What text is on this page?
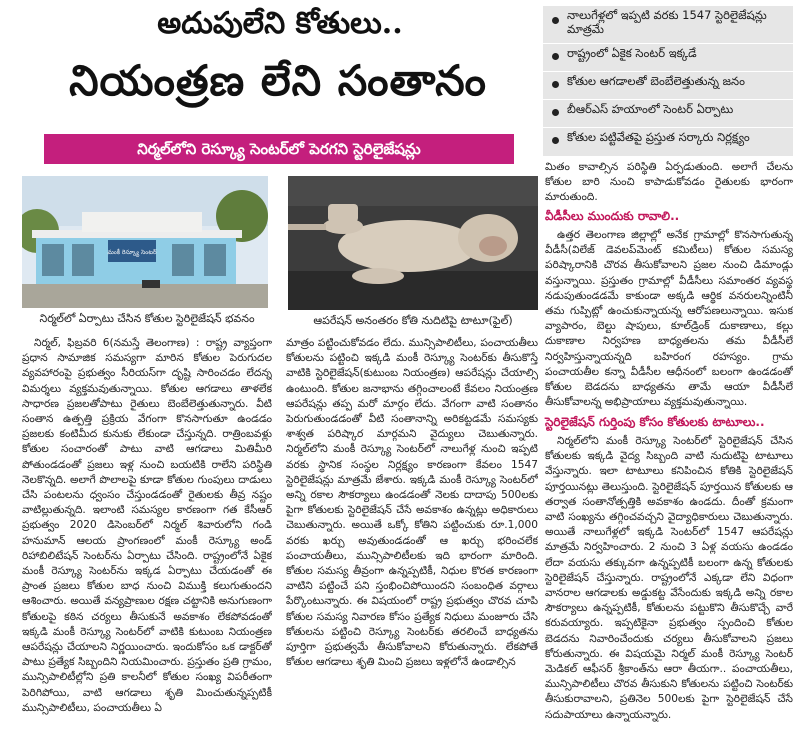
అదుపులేని కోతులు..
నియంత్రణ లేని సంతానం
నిర్మల్‌లోని రెస్క్యూ సెంటర్‌లో పెరగని స్టెరిలైజేషన్లు
నాలుగేళ్లలో ఇప్పటి వరకు 1547 స్టెరిలైజేషన్లు మాత్రమే
రాష్ట్రంలో ఏకైక సెంటర్ ఇక్కడే
కోతుల ఆగడాలతో బెంబేలెత్తుతున్న జనం
బీఆర్ఎస్ హయాంలో సెంటర్ ఏర్పాటు
కోతుల పట్టివేతపై ప్రస్తుత సర్కారు నిర్లక్ష్యం
మంకీ రెస్క్యూ సెంటర్
నిర్మల్‌లో ఏర్పాటు చేసిన కోతుల స్టెరిలైజేషన్ భవనం	ఆపరేషన్ అనంతరం కోతి నుదిటిపై టాటూ(ఫైల్)

నిర్మల్, ఫిబ్రవరి 6(నమస్తే తెలంగాణ) : రాష్ట్ర వ్యాప్తంగా ప్రధాన సామాజిక సమస్యగా మారిన కోతుల పెరుగుదల వ్యవహారంపై ప్రభుత్వం సీరియస్‌గా దృష్టి సారించడం లేదన్న విమర్శలు వ్యక్తమవుతున్నాయి. కోతుల ఆగడాలు తాళలేక సాధారణ ప్రజలతోపాటు రైతులు బెంబేలెత్తుతున్నారు. వీటి సంతాన ఉత్పత్తి ప్రక్రియ వేగంగా కొనసాగుతూ ఉండడం ప్రజలకు కంటిమీద కునుకు లేకుండా చేస్తున్నది. రాత్రింబవళ్లు కోతుల సంచారంతో పాటు వాటి ఆగడాలు మితిమీరి పోతుండడంతో ప్రజలు ఇళ్ల నుంచి బయటికి రాలేని పరిస్థితి నెలకొన్నది. అలాగే పొలాలపై కూడా కోతుల గుంపులు దాడులు చేసి పంటలను ధ్వంసం చేస్తుండడంతో రైతులకు తీవ్ర నష్టం వాటిల్లుతున్నది. ఇలాంటి సమస్యల కారణంగా గత కేసీఆర్ ప్రభుత్వం 2020 డిసెంబర్‌లో నిర్మల్ శివారులోని గండి హనుమాన్ ఆలయ ప్రాంగణంలో మంకీ రెస్క్యూ అండ్ రిహాబిలిటేషన్ సెంటర్‌ను ఏర్పాటు చేసింది. రాష్ట్రంలోనే ఏకైక మంకీ రెస్క్యూ సెంటర్‌ను ఇక్కడ ఏర్పాటు చేయడంతో ఈ ప్రాంత ప్రజలు కోతుల బాధ నుంచి విముక్తి కలుగుతుందని ఆశించారు. అయితే వన్యప్రాణుల రక్షణ చట్టానికి అనుగుణంగా కోతులపై కఠిన చర్యలు తీసుకునే అవకాశం లేకపోవడంతో ఇక్కడి మంకీ రెస్క్యూ సెంటర్‌లో వాటికి కుటుంబ నియంత్రణ ఆపరేషన్లు చేయాలని నిర్ణయించారు. ఇందుకోసం ఒక డాక్టర్‌తో పాటు ప్రత్యేక సిబ్బందిని నియమించారు. ప్రస్తుతం ప్రతి గ్రామం, మున్సిపాలిటీల్లోని ప్రతి కాలనీలో కోతుల సంఖ్య విపరీతంగా పెరిగిపోయి, వాటి ఆగడాలు శృతి మించుతున్నప్పటికీ మున్సిపాలిటీలు, పంచాయతీలు ఏ

మాత్రం పట్టించుకోవడం లేదు. మున్సిపాలిటీలు, పంచాయతీలు కోతులను పట్టించి ఇక్కడి మంకీ రెస్క్యూ సెంటర్‌కు తీసుకొస్తే వాటికి స్టెరిలైజేషన్(కుటుంబ నియంత్రణ) ఆపరేషన్లు చేయాల్సి ఉంటుంది. కోతుల జనాభాను తగ్గించాలంటే కేవలం నియంత్రణ ఆపరేషన్లు తప్ప మరో మార్గం లేదు. వేగంగా వాటి సంతానం పెరుగుతుండడంతో వీటి సంతానాన్ని అరికట్టడమే సమస్యకు శాశ్వత పరిష్కార మార్గమని వైద్యులు చెబుతున్నారు. నిర్మల్‌లోని మంకీ రెస్క్యూ సెంటర్‌లో నాలుగేళ్ల నుంచి ఇప్పటి వరకు స్థానిక సంస్థల నిర్లక్ష్యం కారణంగా కేవలం 1547 స్టెరిలైజేషన్లు మాత్రమే జేశారు. ఇక్కడి మంకీ రెస్క్యూ సెంటర్‌లో అన్ని రకాల సౌకర్యాలు ఉండడంతో నెలకు దాదాపు 500లకు పైగా కోతులకు స్టెరిలైజేషన్ చేసే అవకాశం ఉన్నట్లు అధికారులు చెబుతున్నారు. అయితే ఒక్కో కోతిని పట్టించుకు రూ.1,000 వరకు ఖర్చు అవుతుండడంతో ఆ ఖర్చు భరించలేక పంచాయతీలు, మున్సిపాలిటీలకు ఇది భారంగా మారింది. కోతుల సమస్య తీవ్రంగా ఉన్నప్పటికీ, నిధుల కొరత కారణంగా వాటిని పట్టించే పని స్తంభించిపోయిందని సంబంధిత వర్గాలు పేర్కొంటున్నారు. ఈ విషయంలో రాష్ట్ర ప్రభుత్వం చొరవ చూపి కోతుల సమస్య నివారణ కోసం ప్రత్యేక నిధులు మంజూరు చేసి కోతులను పట్టించి రెస్క్యూ సెంటర్‌కు తరలించే బాధ్యతను పూర్తిగా ప్రభుత్వమే తీసుకోవాలని కోరుతున్నారు. లేకపోతే కోతుల ఆగడాలు శృతి మించి ప్రజలు ఇళ్లలోనే ఉండాల్సిన

మితం కావాల్సిన పరిస్థితి ఏర్పడుతుంది. అలాగే చేలను కోతుల బారి నుంచి కాపాడుకోవడం రైతులకు భారంగా మారుతుంది.

వీడీసీలు ముందుకు రావాలి..

ఉత్తర తెలంగాణ జిల్లాల్లో అనేక గ్రామాల్లో కొనసాగుతున్న వీడీసీ(విలేజ్ డెవలప్‌మెంట్ కమిటీలు) కోతుల సమస్య పరిష్కారానికి చొరవ తీసుకోవాలని ప్రజల నుంచి డిమాండ్లు వస్తున్నాయి. ప్రస్తుతం గ్రామాల్లో వీడీసీలు సమాంతర వ్యవస్థ నడుపుతుండడమే కాకుండా అక్కడి ఆర్థిక వనరులన్నింటినీ తమ గుప్పిట్లో ఉంచుకున్నాయన్న ఆరోపణలున్నాయి. ఇసుక వ్యాపారం, బెల్టు షాపులు, కూల్‌డ్రింక్ దుకాణాలు, కల్లు దుకాణాల నిర్వహణ బాధ్యతలను తమ వీడీసీలే నిర్వహిస్తున్నాయన్నది బహిరంగ రహస్యం. గ్రామ పంచాయతీల కన్నా వీడీసీల ఆధీనంలో బలంగా ఉండడంతో కోతుల బెడదను బాధ్యతను తామే ఆయా వీడీసీలే తీసుకోవాలన్న అభిప్రాయాలు వ్యక్తమవుతున్నాయి.

స్టెరిలైజేషన్ గుర్తింపు కోసం కోతులకు టాటూలు..

నిర్మల్‌లోని మంకీ రెస్క్యూ సెంటర్‌లో స్టెరిలైజేషన్ చేసిన కోతులకు ఇక్కడి వైద్య సిబ్బంది వాటి నుదుటిపై టాటూలు వేస్తున్నారు. ఇలా టాటూలు కనిపించిన కోతికి స్టెరిలైజేషన్ పూర్తయినట్లు తెలుస్తుంది. స్టెరిలైజేషన్ పూర్తయిన కోతులకు ఆ తర్వాత సంతానోత్పత్తికి అవకాశం ఉండదు. దీంతో క్రమంగా వాటి సంఖ్యను తగ్గించవచ్చని వైద్యాధికారులు చెబుతున్నారు. అయితే నాలుగేళ్లలో ఇక్కడి సెంటర్‌లో 1547 ఆపరేషన్లు మాత్రమే నిర్వహించారు. 2 నుంచి 3 ఏళ్ల వయసు ఉండడం లేదా వయసు తక్కువగా ఉన్నప్పటికీ బలంగా ఉన్న కోతులకు స్టెరిలైజేషన్ చేస్తున్నారు. రాష్ట్రంలోనే ఎక్కడా లేని విధంగా వానరాల ఆగడాలకు అడ్డుకట్ట వేసేందుకు ఇక్కడి అన్ని రకాల సౌకర్యాలు ఉన్నప్పటికీ, కోతులను పట్టుకొని తీసుకొచ్చే వారే కరువయ్యారు. ఇప్పటికైనా ప్రభుత్వం స్పందించి కోతుల బెడదను నివారించేందుకు చర్యలు తీసుకోవాలని ప్రజలు కోరుతున్నారు. ఈ విషయమై నిర్మల్ మంకీ రెస్క్యూ సెంటర్ మెడికల్ ఆఫీసర్ శ్రీకాంత్‌ను ఆరా తీయగా.. పంచాయతీలు, మున్సిపాలిటీలు చొరవ తీసుకుని కోతులను పట్టించి సెంటర్‌కు తీసుకురావాలని, ప్రతినెల 500లకు పైగా స్టెరిలైజేషన్ చేసే సదుపాయాలు ఉన్నాయన్నారు.
